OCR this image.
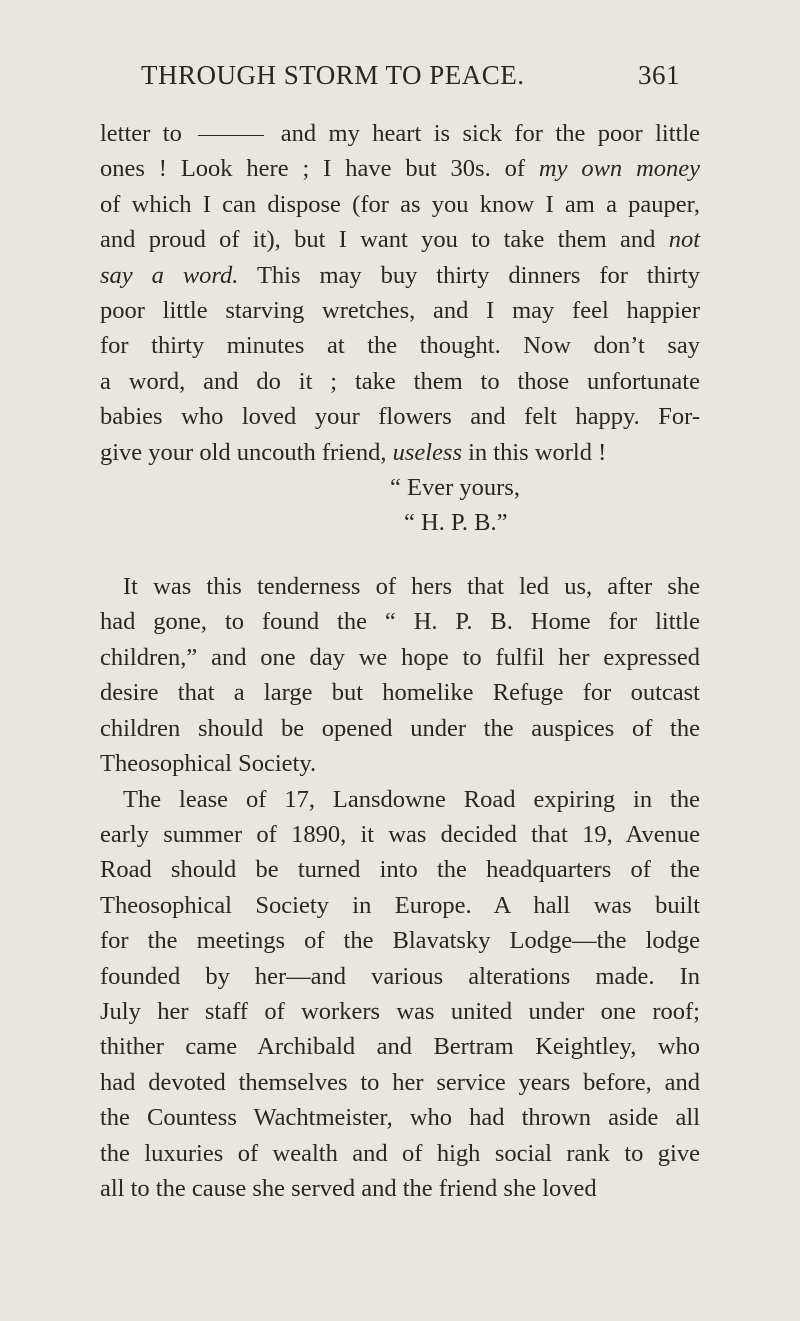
THROUGH STORM TO PEACE.	361

letter to	and my heart is sick for the poor little

ones ! Look here ; I have but 30s. of my own money

of which I can dispose (for as you know I am a pauper,

and proud of it), but I want you to take them and not

say a word. This may buy thirty dinners for thirty

poor little starving wretches, and I may feel happier

for thirty minutes at the thought. Now don’t say

a word, and do it ; take them to those unfortunate

babies who loved your flowers and felt happy. For-

give your old uncouth friend, useless in this world !

“ Ever yours,
“ H. P. B.”

It was this tenderness of hers that led us, after she

had gone, to found the “ H. P. B. Home for little

children,” and one day we hope to fulfil her expressed

desire that a large but homelike Refuge for outcast

children should be opened under the auspices of the

Theosophical Society.

The lease of 17, Lansdowne Road expiring in the

early summer of 1890, it was decided that 19, Avenue

Road should be turned into the headquarters of the

Theosophical Society in Europe. A hall was built

for the meetings of the Blavatsky Lodge—the lodge

founded by her—and various alterations made. In

July her staff of workers was united under one roof;

thither came Archibald and Bertram Keightley, who

had devoted themselves to her service years before, and

the Countess Wachtmeister, who had thrown aside all

the luxuries of wealth and of high social rank to give

all to the cause she served and the friend she loved
